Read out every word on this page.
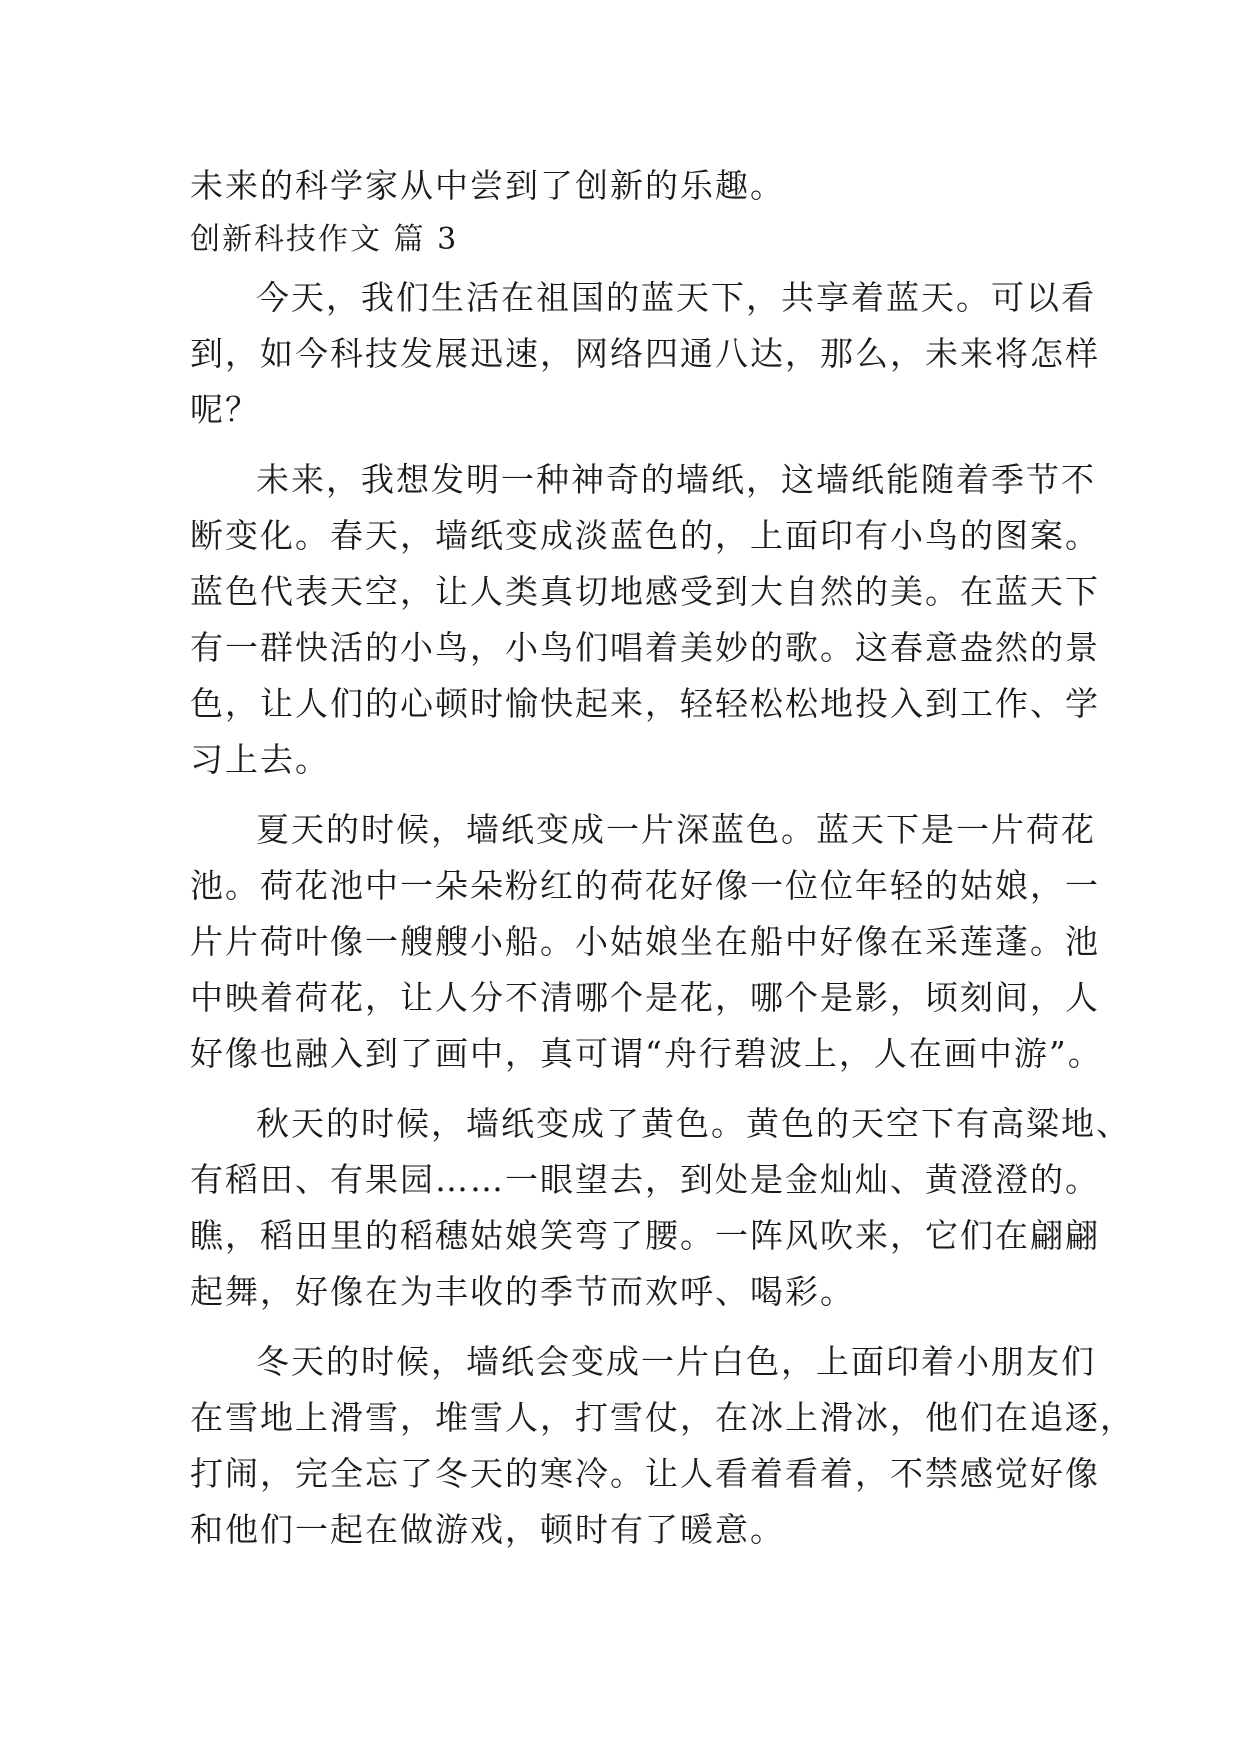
未来的科学家从中尝到了创新的乐趣。

创新科技作文 篇 3

今天，我们生活在祖国的蓝天下，共享着蓝天。可以看

到，如今科技发展迅速，网络四通八达，那么，未来将怎样

呢？

未来，我想发明一种神奇的墙纸，这墙纸能随着季节不

断变化。春天，墙纸变成淡蓝色的，上面印有小鸟的图案。

蓝色代表天空，让人类真切地感受到大自然的美。在蓝天下

有一群快活的小鸟，小鸟们唱着美妙的歌。这春意盎然的景

色，让人们的心顿时愉快起来，轻轻松松地投入到工作、学

习上去。

夏天的时候，墙纸变成一片深蓝色。蓝天下是一片荷花

池。荷花池中一朵朵粉红的荷花好像一位位年轻的姑娘，一

片片荷叶像一艘艘小船。小姑娘坐在船中好像在采莲蓬。池

中映着荷花，让人分不清哪个是花，哪个是影，顷刻间，人

好像也融入到了画中，真可谓“舟行碧波上，人在画中游”。

秋天的时候，墙纸变成了黄色。黄色的天空下有高粱地、

有稻田、有果园……一眼望去，到处是金灿灿、黄澄澄的。

瞧，稻田里的稻穗姑娘笑弯了腰。一阵风吹来，它们在翩翩

起舞，好像在为丰收的季节而欢呼、喝彩。

冬天的时候，墙纸会变成一片白色，上面印着小朋友们

在雪地上滑雪，堆雪人，打雪仗，在冰上滑冰，他们在追逐，

打闹，完全忘了冬天的寒冷。让人看着看着，不禁感觉好像

和他们一起在做游戏，顿时有了暖意。
